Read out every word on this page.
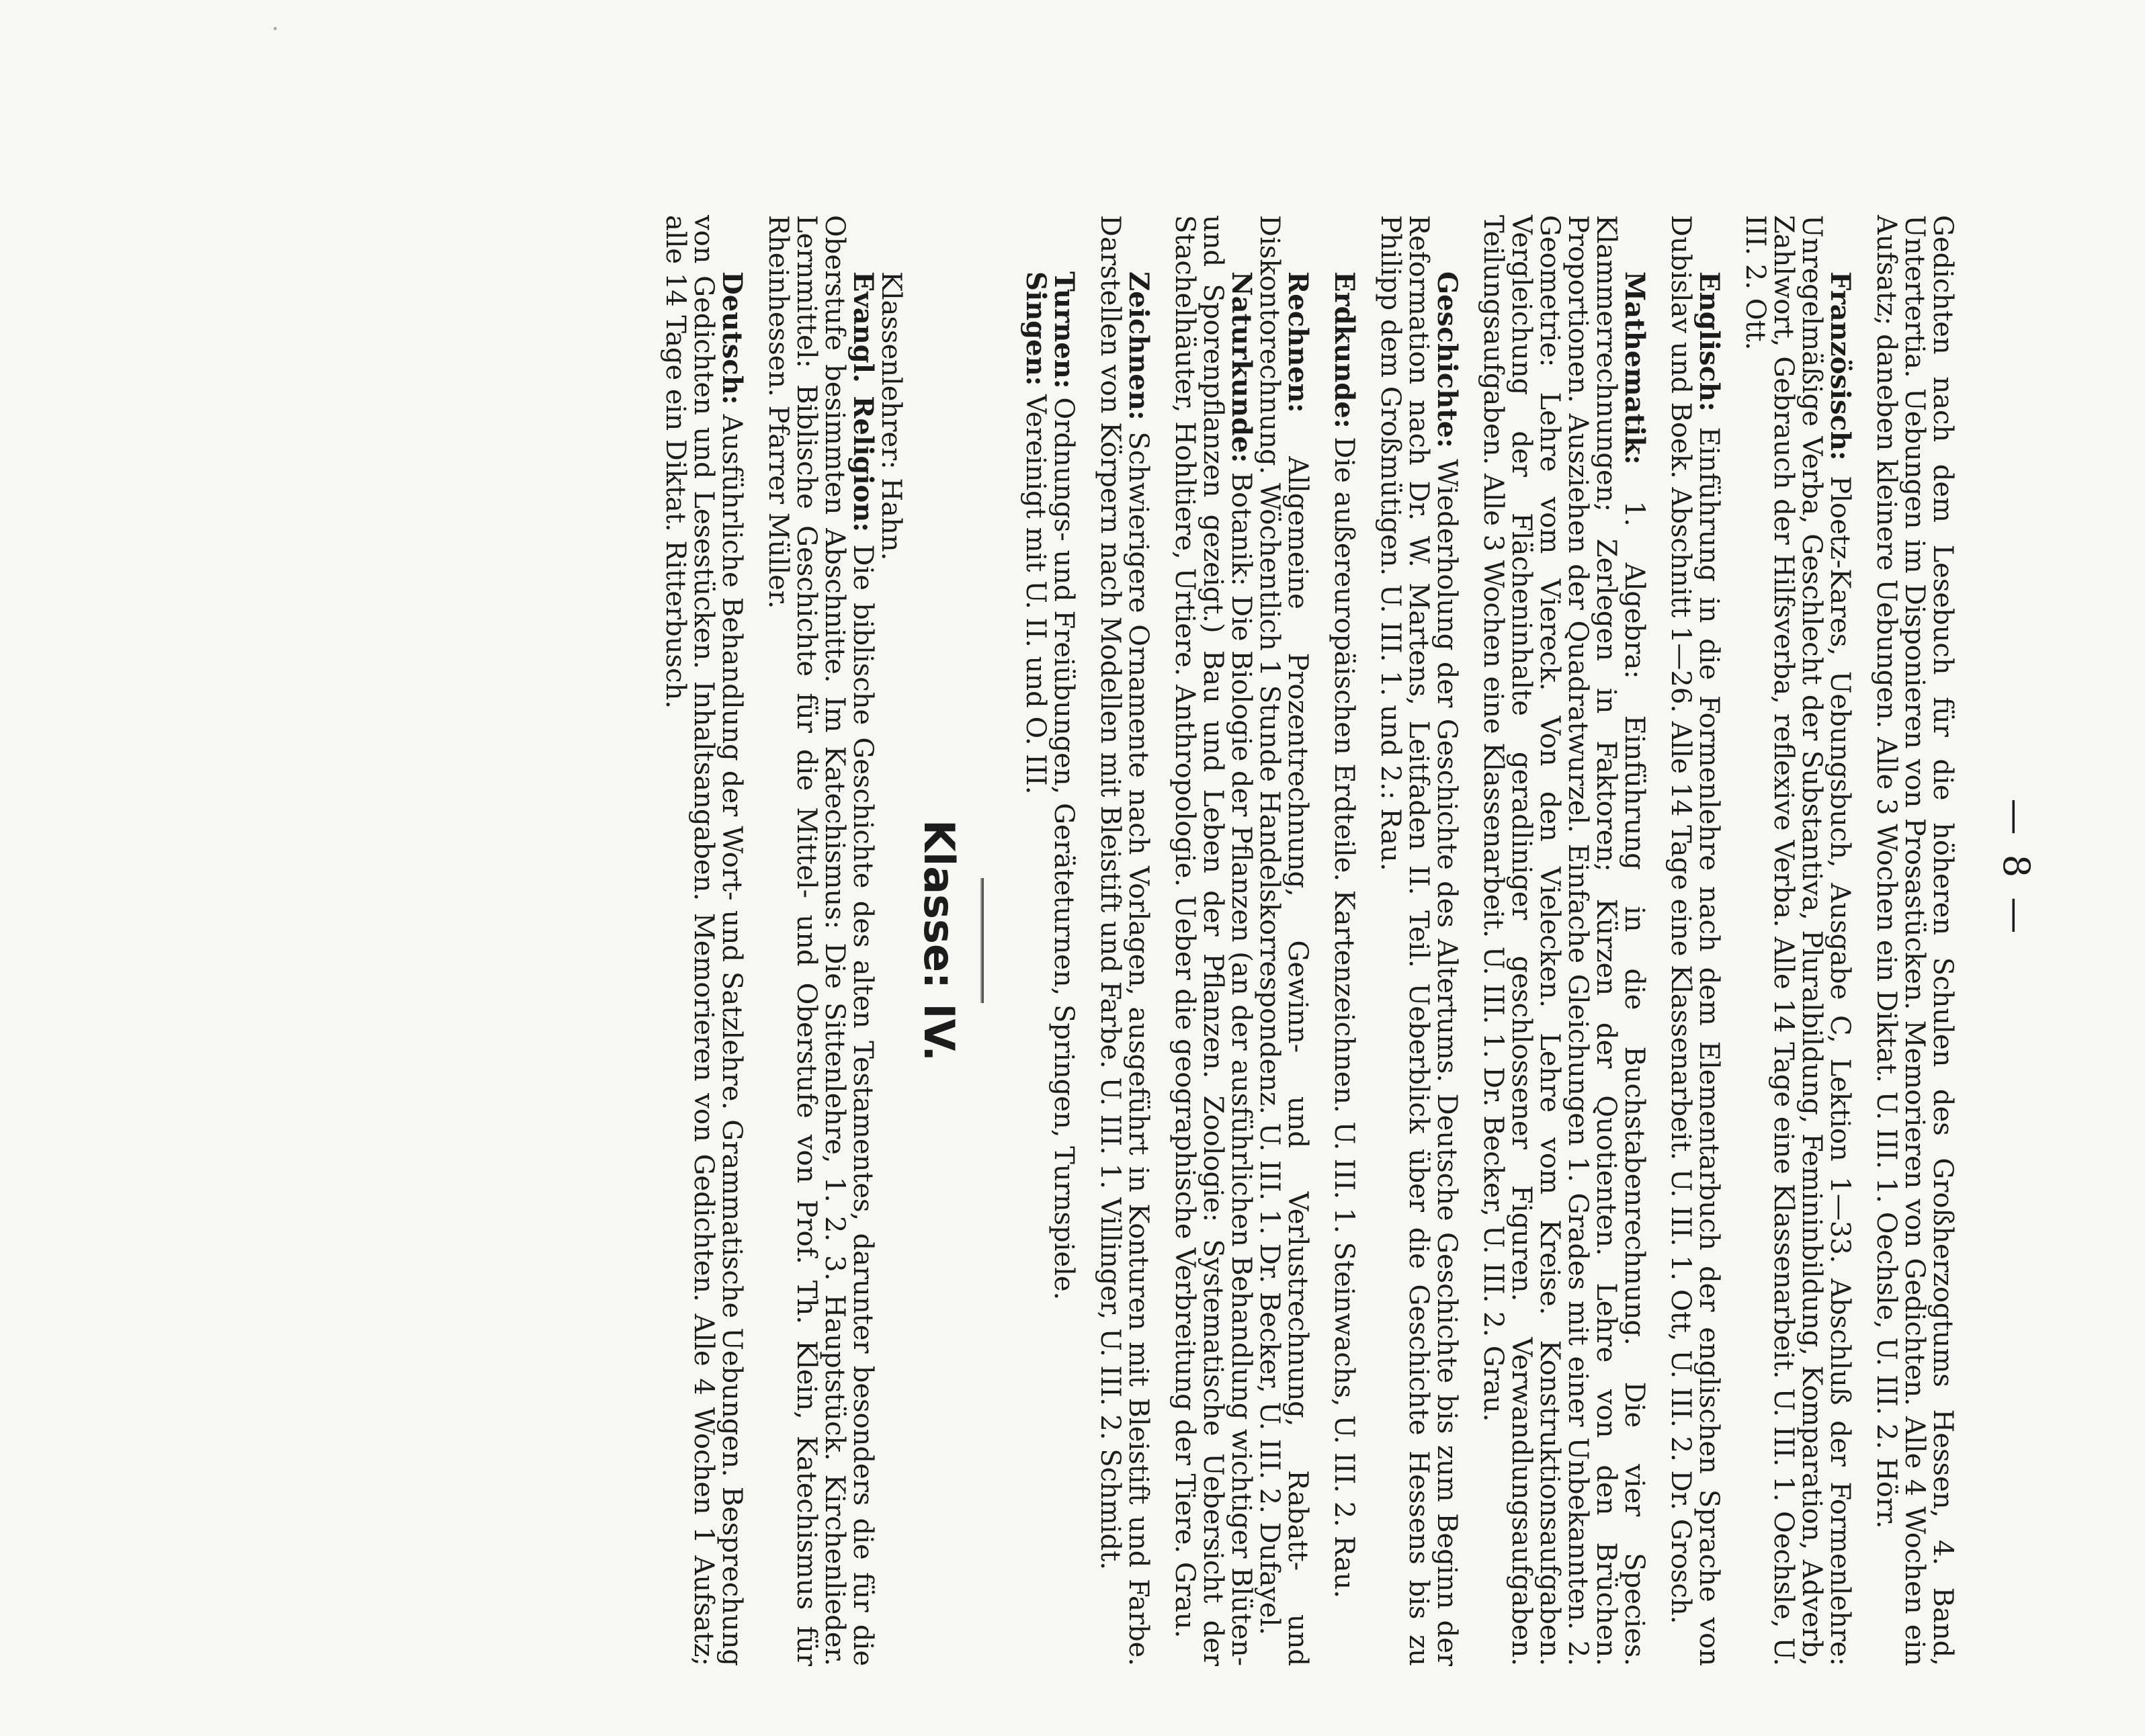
— 8 —

Gedichten nach dem Lesebuch für die höheren Schulen des Großherzogtums Hessen, 4. Band, Untertertia. Uebungen im Disponieren von Prosastücken. Memorieren von Gedichten. Alle 4 Wochen ein Aufsatz; daneben kleinere Uebungen. Alle 3 Wochen ein Diktat. U. III. 1. Oechsle, U. III. 2. Hörr.

Französisch: Ploetz-Kares, Uebungsbuch, Ausgabe C, Lektion 1—33. Abschluß der Formenlehre: Unregelmäßige Verba, Geschlecht der Substantiva, Pluralbildung, Femininbildung, Komparation, Adverb, Zahlwort, Gebrauch der Hilfsverba, reflexive Verba. Alle 14 Tage eine Klassenarbeit. U. III. 1. Oechsle, U. III. 2. Ott.

Englisch: Einführung in die Formenlehre nach dem Elementarbuch der englischen Sprache von Dubislav und Boek. Abschnitt 1—26. Alle 14 Tage eine Klassenarbeit. U. III. 1. Ott, U. III. 2. Dr. Grosch.

Mathematik: 1. Algebra: Einführung in die Buchstabenrechnung. Die vier Species. Klammerrechnungen; Zerlegen in Faktoren; Kürzen der Quotienten. Lehre von den Brüchen. Proportionen. Ausziehen der Quadratwurzel. Einfache Gleichungen 1. Grades mit einer Unbekannten. 2. Geometrie: Lehre vom Viereck. Von den Vielecken. Lehre vom Kreise. Konstruktionsaufgaben. Vergleichung der Flächeninhalte geradliniger geschlossener Figuren. Verwandlungsaufgaben. Teilungsaufgaben. Alle 3 Wochen eine Klassenarbeit. U. III. 1. Dr. Becker, U. III. 2. Grau.

Geschichte: Wiederholung der Geschichte des Altertums. Deutsche Geschichte bis zum Beginn der Reformation nach Dr. W. Martens, Leitfaden II. Teil. Ueberblick über die Geschichte Hessens bis zu Philipp dem Großmütigen. U. III. 1. und 2.: Rau.

Erdkunde: Die außereuropäischen Erdteile. Kartenzeichnen. U. III. 1. Steinwachs, U. III. 2. Rau.

Rechnen: Allgemeine Prozentrechnung, Gewinn- und Verlustrechnung, Rabatt- und Diskontorechnung. Wöchentlich 1 Stunde Handelskorrespondenz. U. III. 1. Dr. Becker, U. III. 2. Dufayel.

Naturkunde: Botanik: Die Biologie der Pflanzen (an der ausführlichen Behandlung wichtiger Blüten- und Sporenpflanzen gezeigt.) Bau und Leben der Pflanzen. Zoologie: Systematische Uebersicht der Stachelhäuter, Hohltiere, Urtiere. Anthropologie. Ueber die geographische Verbreitung der Tiere. Grau.

Zeichnen: Schwierigere Ornamente nach Vorlagen, ausgeführt in Konturen mit Bleistift und Farbe. Darstellen von Körpern nach Modellen mit Bleistift und Farbe. U. III. 1. Villinger, U. III. 2. Schmidt.

Turnen: Ordnungs- und Freiübungen, Geräteturnen, Springen, Turnspiele.

Singen: Vereinigt mit U. II. und O. III.

Klasse: IV.

Klassenlehrer: Hahn.

Evangl. Religion: Die biblische Geschichte des alten Testamentes, darunter besonders die für die Oberstufe besimmten Abschnitte. Im Katechismus: Die Sittenlehre, 1. 2. 3. Hauptstück. Kirchenlieder. Lernmittel: Biblische Geschichte für die Mittel- und Oberstufe von Prof. Th. Klein, Katechismus für Rheinhessen. Pfarrer Müller.

Deutsch: Ausführliche Behandlung der Wort- und Satzlehre. Grammatische Uebungen. Besprechung von Gedichten und Lesestücken. Inhaltsangaben. Memorieren von Gedichten. Alle 4 Wochen 1 Aufsatz; alle 14 Tage ein Diktat. Ritterbusch.
